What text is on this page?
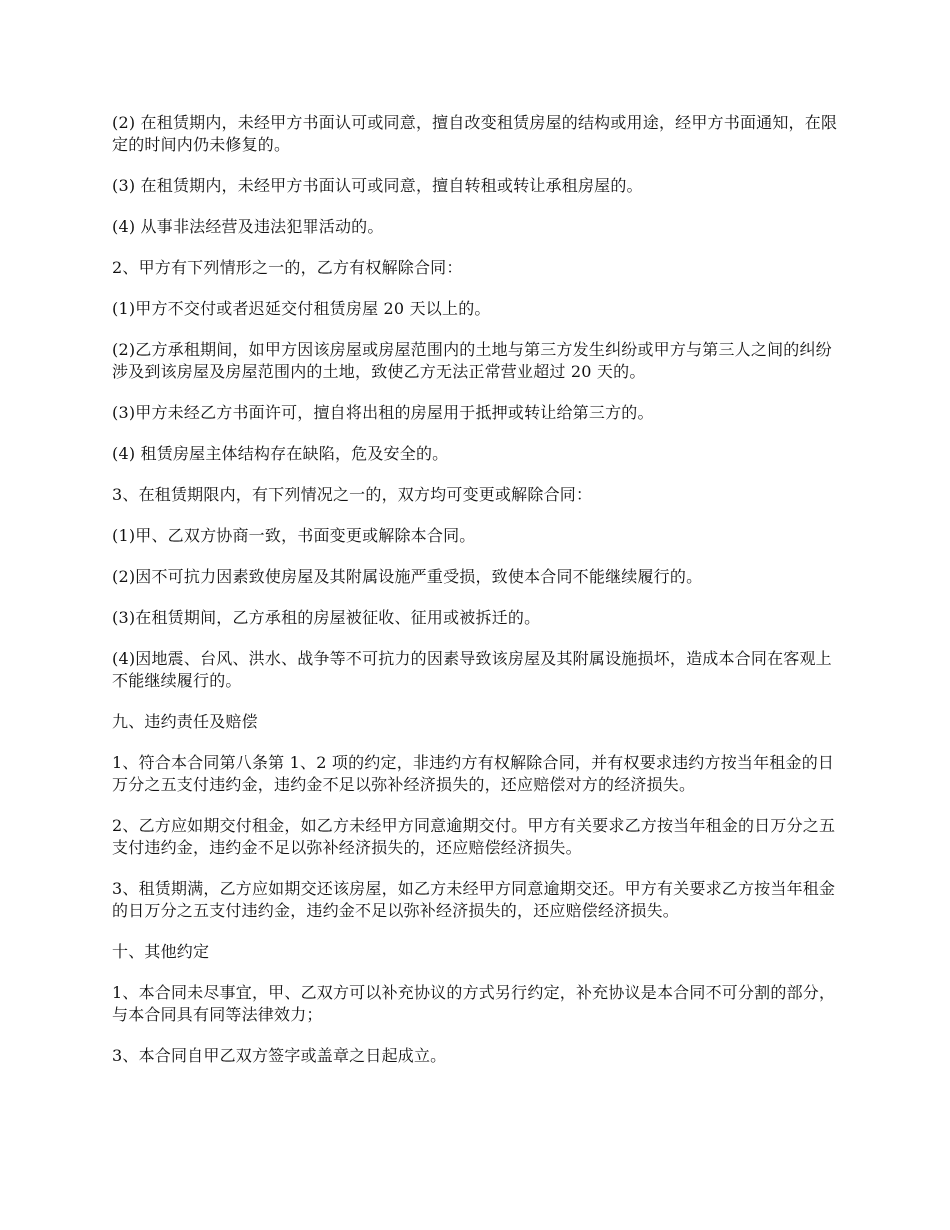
(2) 在租赁期内，未经甲方书面认可或同意，擅自改变租赁房屋的结构或用途，经甲方书面通知，在限定的时间内仍未修复的。

(3) 在租赁期内，未经甲方书面认可或同意，擅自转租或转让承租房屋的。

(4) 从事非法经营及违法犯罪活动的。

2、甲方有下列情形之一的，乙方有权解除合同：

(1)甲方不交付或者迟延交付租赁房屋 20 天以上的。

(2)乙方承租期间，如甲方因该房屋或房屋范围内的土地与第三方发生纠纷或甲方与第三人之间的纠纷涉及到该房屋及房屋范围内的土地，致使乙方无法正常营业超过 20 天的。

(3)甲方未经乙方书面许可，擅自将出租的房屋用于抵押或转让给第三方的。

(4) 租赁房屋主体结构存在缺陷，危及安全的。

3、在租赁期限内，有下列情况之一的，双方均可变更或解除合同：

(1)甲、乙双方协商一致，书面变更或解除本合同。

(2)因不可抗力因素致使房屋及其附属设施严重受损，致使本合同不能继续履行的。

(3)在租赁期间，乙方承租的房屋被征收、征用或被拆迁的。

(4)因地震、台风、洪水、战争等不可抗力的因素导致该房屋及其附属设施损坏，造成本合同在客观上不能继续履行的。

九、违约责任及赔偿

1、符合本合同第八条第 1、2 项的约定，非违约方有权解除合同，并有权要求违约方按当年租金的日万分之五支付违约金，违约金不足以弥补经济损失的，还应赔偿对方的经济损失。

2、乙方应如期交付租金，如乙方未经甲方同意逾期交付。甲方有关要求乙方按当年租金的日万分之五支付违约金，违约金不足以弥补经济损失的，还应赔偿经济损失。

3、租赁期满，乙方应如期交还该房屋，如乙方未经甲方同意逾期交还。甲方有关要求乙方按当年租金的日万分之五支付违约金，违约金不足以弥补经济损失的，还应赔偿经济损失。

十、其他约定

1、本合同未尽事宜，甲、乙双方可以补充协议的方式另行约定，补充协议是本合同不可分割的部分，与本合同具有同等法律效力；

3、本合同自甲乙双方签字或盖章之日起成立。
